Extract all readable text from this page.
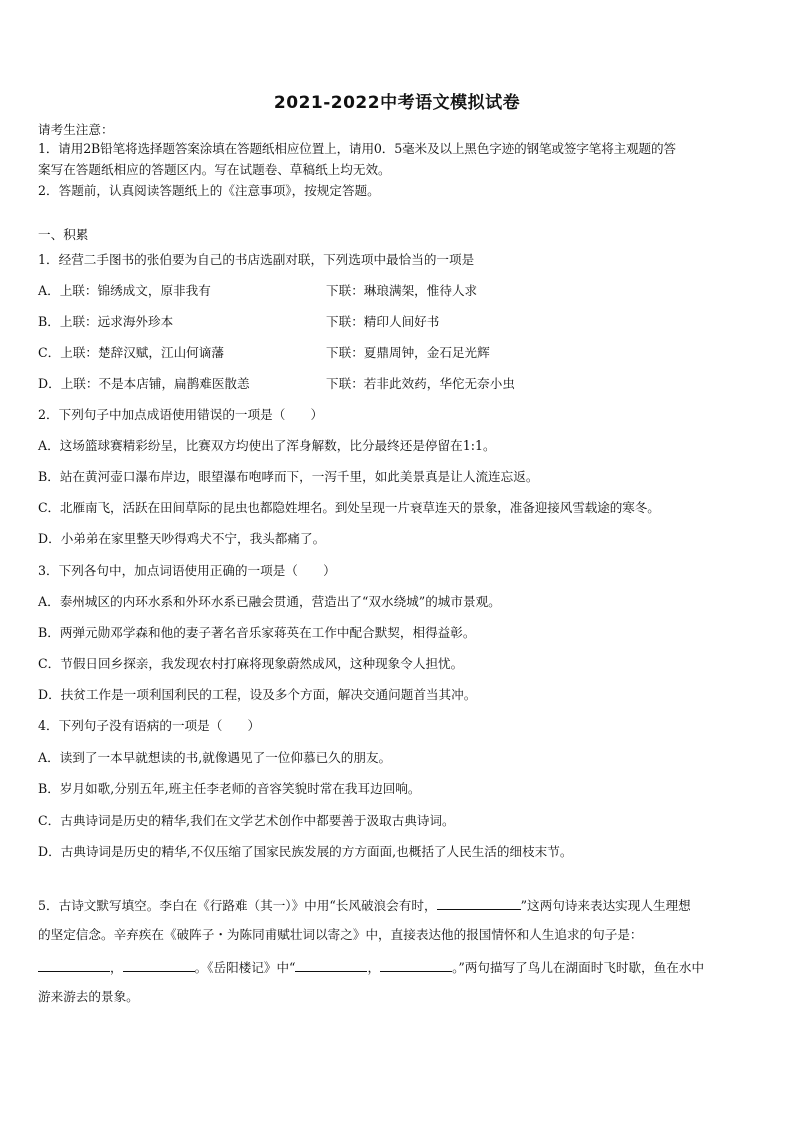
2021-2022中考语文模拟试卷
请考生注意：
1．请用2B铅笔将选择题答案涂填在答题纸相应位置上，请用0．5毫米及以上黑色字迹的钢笔或签字笔将主观题的答
案写在答题纸相应的答题区内。写在试题卷、草稿纸上均无效。
2．答题前，认真阅读答题纸上的《注意事项》，按规定答题。
一、积累
1．经营二手图书的张伯要为自己的书店选副对联，下列选项中最恰当的一项是
A．上联：锦绣成文，原非我有	下联：琳琅满架，惟待人求
B．上联：远求海外珍本	下联：精印人间好书
C．上联：楚辞汉赋，江山何谪藩	下联：夏鼎周钟，金石足光辉
D．上联：不是本店铺，扁鹊难医散恙	下联：若非此效药，华佗无奈小虫
2．下列句子中加点成语使用错误的一项是（　　）
A．这场篮球赛精彩纷呈，比赛双方均使出了浑身解数，比分最终还是停留在1:1。
B．站在黄河壶口瀑布岸边，眼望瀑布咆哮而下，一泻千里，如此美景真是让人流连忘返。
C．北雁南飞，活跃在田间草际的昆虫也都隐姓埋名。到处呈现一片衰草连天的景象，准备迎接风雪载途的寒冬。
D．小弟弟在家里整天吵得鸡犬不宁，我头都痛了。
3．下列各句中，加点词语使用正确的一项是（　　）
A．泰州城区的内环水系和外环水系已融会贯通，营造出了“双水绕城”的城市景观。
B．两弹元勋邓学森和他的妻子著名音乐家蒋英在工作中配合默契，相得益彰。
C．节假日回乡探亲，我发现农村打麻将现象蔚然成风，这种现象令人担忧。
D．扶贫工作是一项利国利民的工程，设及多个方面，解决交通问题首当其冲。
4．下列句子没有语病的一项是（　　）
A．读到了一本早就想读的书,就像遇见了一位仰慕已久的朋友。
B．岁月如歌,分别五年,班主任李老师的音容笑貌时常在我耳边回响。
C．古典诗词是历史的精华,我们在文学艺术创作中都要善于汲取古典诗词。
D．古典诗词是历史的精华,不仅压缩了国家民族发展的方方面面,也概括了人民生活的细枝末节。
5．古诗文默写填空。李白在《行路难（其一）》中用“长风破浪会有时，	”这两句诗来表达实现人生理想
的坚定信念。辛弃疾在《破阵子・为陈同甫赋壮词以寄之》中，直接表达他的报国情怀和人生追求的句子是：
，	。《岳阳楼记》中“	，	。”两句描写了鸟儿在湖面时飞时歇，鱼在水中
游来游去的景象。
